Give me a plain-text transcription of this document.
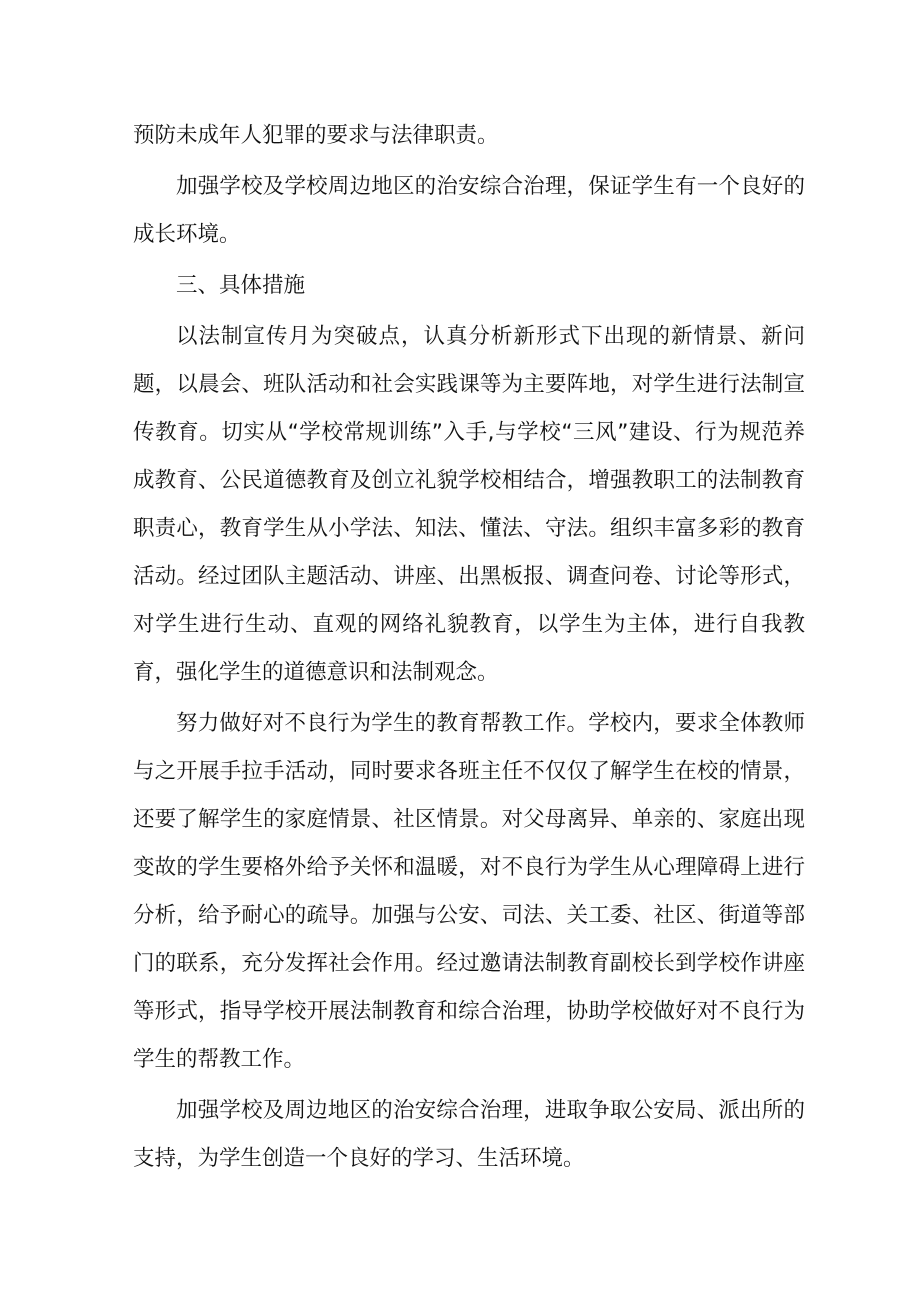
预防未成年人犯罪的要求与法律职责。

加强学校及学校周边地区的治安综合治理，保证学生有一个良好的成长环境。

三、具体措施

以法制宣传月为突破点，认真分析新形式下出现的新情景、新问题，以晨会、班队活动和社会实践课等为主要阵地，对学生进行法制宣传教育。切实从“学校常规训练”入手,与学校“三风”建设、行为规范养成教育、公民道德教育及创立礼貌学校相结合，增强教职工的法制教育职责心，教育学生从小学法、知法、懂法、守法。组织丰富多彩的教育活动。经过团队主题活动、讲座、出黑板报、调查问卷、讨论等形式，对学生进行生动、直观的网络礼貌教育，以学生为主体，进行自我教育，强化学生的道德意识和法制观念。

努力做好对不良行为学生的教育帮教工作。学校内，要求全体教师与之开展手拉手活动，同时要求各班主任不仅仅了解学生在校的情景，还要了解学生的家庭情景、社区情景。对父母离异、单亲的、家庭出现变故的学生要格外给予关怀和温暖，对不良行为学生从心理障碍上进行分析，给予耐心的疏导。加强与公安、司法、关工委、社区、街道等部门的联系，充分发挥社会作用。经过邀请法制教育副校长到学校作讲座等形式，指导学校开展法制教育和综合治理，协助学校做好对不良行为学生的帮教工作。

加强学校及周边地区的治安综合治理，进取争取公安局、派出所的支持，为学生创造一个良好的学习、生活环境。
